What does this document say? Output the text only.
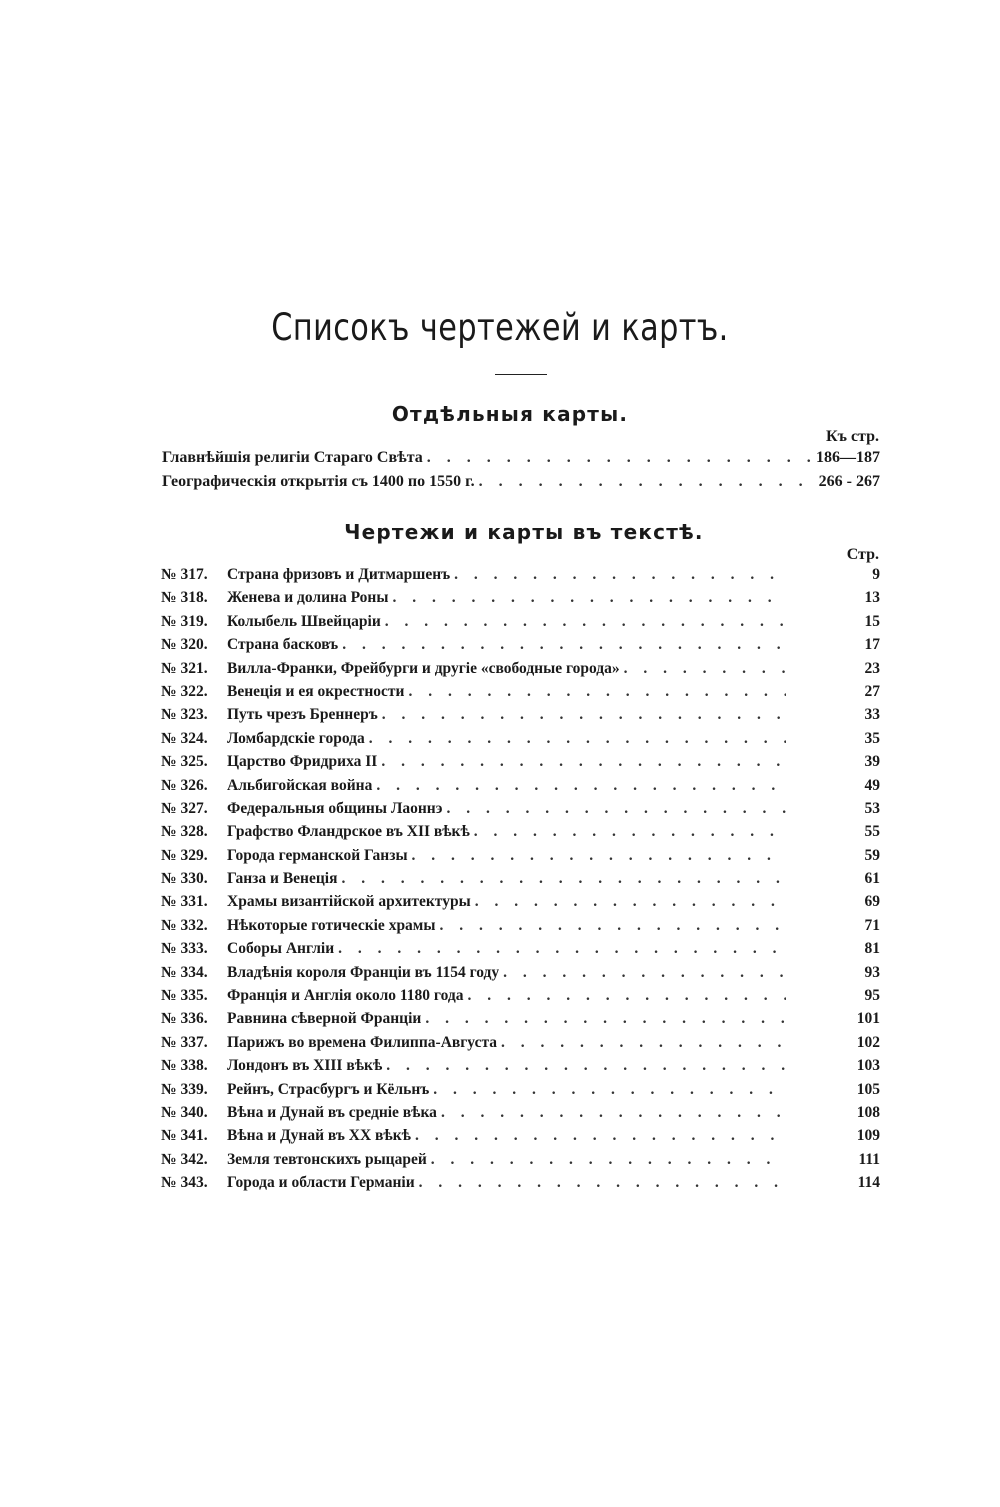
Списокъ чертежей и картъ.
Отдѣльныя карты.
Къ стр.
Главнѣйшія религіи Стараго Свѣта . . .	186—187
Географическія открытія съ 1400 по 1550 г. . . .	266 - 267
Чертежи и карты въ текстѣ.
Стр.
№ 317.	Страна фризовъ и Дитмаршенъ . . .	9
№ 318.	Женева и долина Роны . . .	13
№ 319.	Колыбель Швейцаріи . . .	15
№ 320.	Страна басковъ . . .	17
№ 321.	Вилла-Франки, Фрейбурги и другіе «свободные города» . . .	23
№ 322.	Венеція и ея окрестности . . .	27
№ 323.	Путь чрезъ Бреннеръ . . .	33
№ 324.	Ломбардскіе города . . .	35
№ 325.	Царство Фридриха II . . .	39
№ 326.	Альбигойская война . . .	49
№ 327.	Федеральныя общины Лаоннэ . . .	53
№ 328.	Графство Фландрское въ XII вѣкѣ . . .	55
№ 329.	Города германской Ганзы . . .	59
№ 330.	Ганза и Венеція . . .	61
№ 331.	Храмы византійской архитектуры . . .	69
№ 332.	Нѣкоторые готическіе храмы . . .	71
№ 333.	Соборы Англіи . . .	81
№ 334.	Владѣнія короля Франціи въ 1154 году . . .	93
№ 335.	Франція и Англія около 1180 года . . .	95
№ 336.	Равнина сѣверной Франціи . . .	101
№ 337.	Парижъ во времена Филиппа-Августа . . .	102
№ 338.	Лондонъ въ XIII вѣкѣ . . .	103
№ 339.	Рейнъ, Страсбургъ и Кёльнъ . . .	105
№ 340.	Вѣна и Дунай въ средніе вѣка . . .	108
№ 341.	Вѣна и Дунай въ XX вѣкѣ . . .	109
№ 342.	Земля тевтонскихъ рыцарей . . .	111
№ 343.	Города и области Германіи . . .	114
